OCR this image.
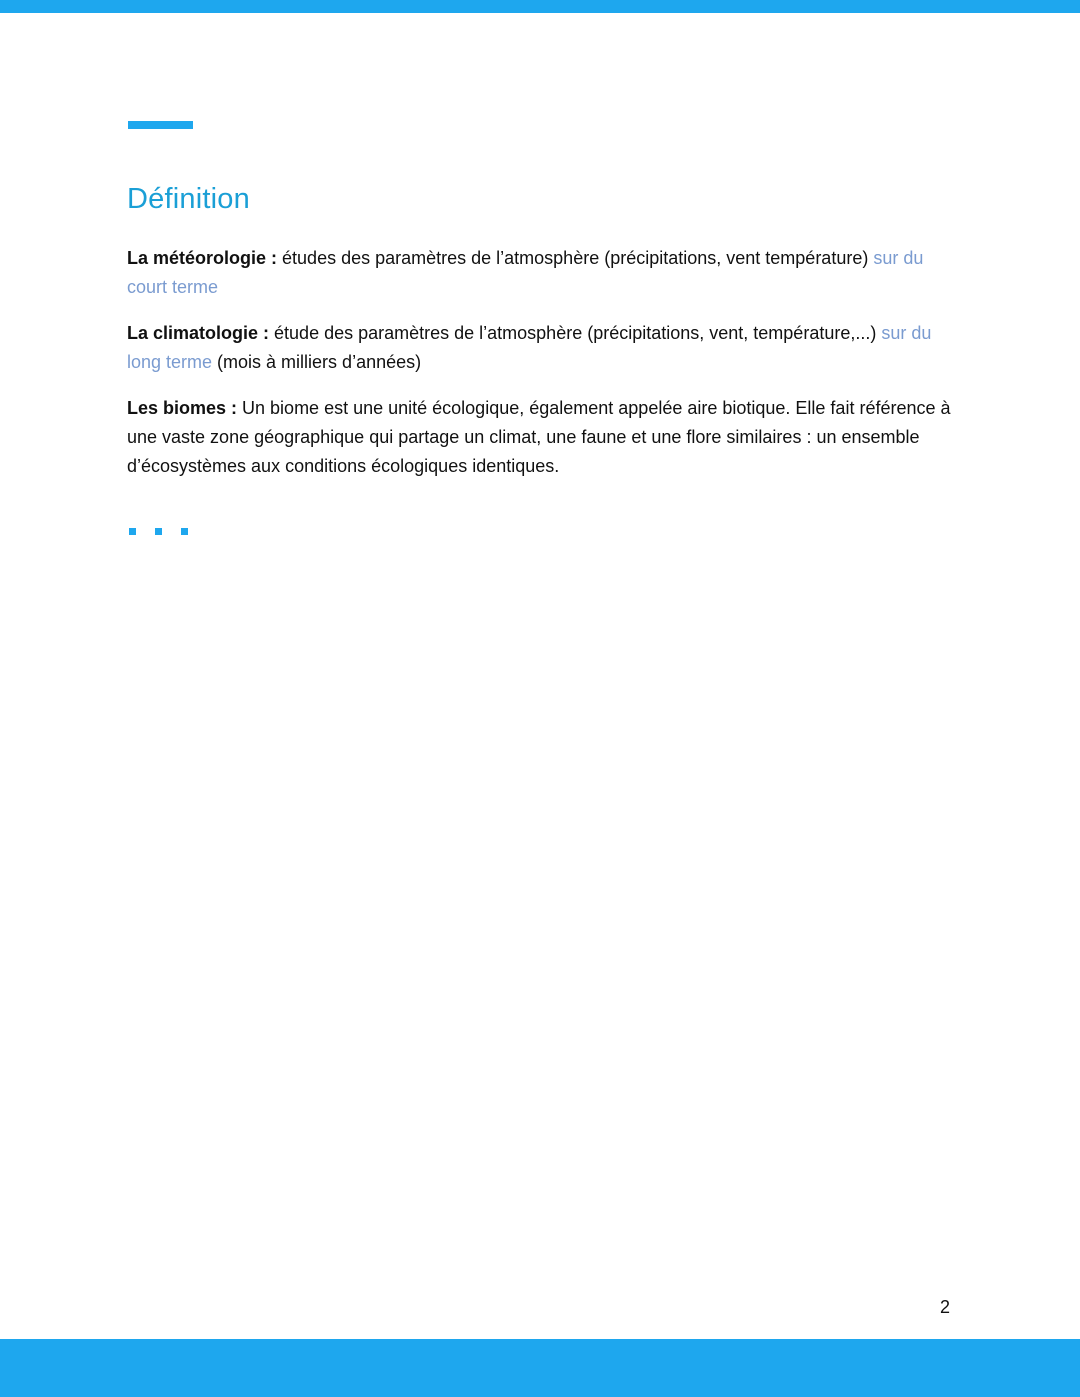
Définition

La météorologie : études des paramètres de l’atmosphère (précipitations, vent température) sur du court terme

La climatologie : étude des paramètres de l’atmosphère (précipitations, vent, température,...) sur du long terme (mois à milliers d’années)

Les biomes : Un biome est une unité écologique, également appelée aire biotique. Elle fait référence à une vaste zone géographique qui partage un climat, une faune et une flore similaires : un ensemble d’écosystèmes aux conditions écologiques identiques.

2
